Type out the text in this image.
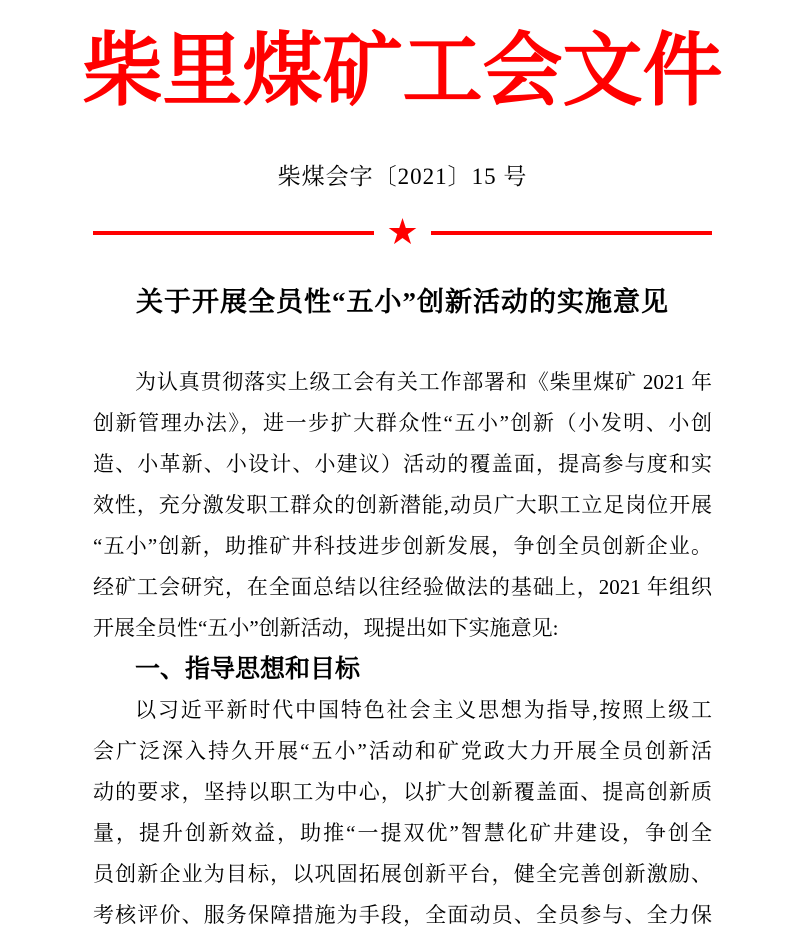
柴里煤矿工会文件
柴煤会字〔2021〕15 号
★
关于开展全员性“五小”创新活动的实施意见
为认真贯彻落实上级工会有关工作部署和《柴里煤矿 2021 年
创新管理办法》，进一步扩大群众性“五小”创新（小发明、小创
造、小革新、小设计、小建议）活动的覆盖面，提高参与度和实
效性，充分激发职工群众的创新潜能,动员广大职工立足岗位开展
“五小”创新，助推矿井科技进步创新发展，争创全员创新企业。
经矿工会研究，在全面总结以往经验做法的基础上，2021 年组织
开展全员性“五小”创新活动，现提出如下实施意见:
一、指导思想和目标
以习近平新时代中国特色社会主义思想为指导,按照上级工
会广泛深入持久开展“五小”活动和矿党政大力开展全员创新活
动的要求，坚持以职工为中心，以扩大创新覆盖面、提高创新质
量，提升创新效益，助推“一提双优”智慧化矿井建设，争创全
员创新企业为目标，以巩固拓展创新平台，健全完善创新激励、
考核评价、服务保障措施为手段，全面动员、全员参与、全力保
